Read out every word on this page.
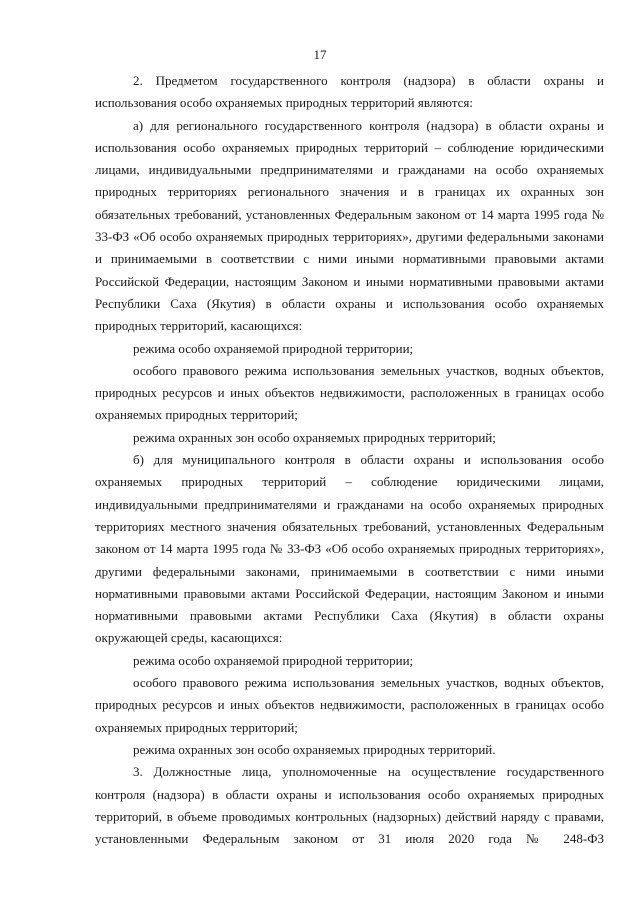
17

2. Предметом государственного контроля (надзора) в области охраны и использования особо охраняемых природных территорий являются:

а) для регионального государственного контроля (надзора) в области охраны и использования особо охраняемых природных территорий – соблюдение юридическими лицами, индивидуальными предпринимателями и гражданами на особо охраняемых природных территориях регионального значения и в границах их охранных зон обязательных требований, установленных Федеральным законом от 14 марта 1995 года № 33-ФЗ «Об особо охраняемых природных территориях», другими федеральными законами и принимаемыми в соответствии с ними иными нормативными правовыми актами Российской Федерации, настоящим Законом и иными нормативными правовыми актами Республики Саха (Якутия) в области охраны и использования особо охраняемых природных территорий, касающихся:

режима особо охраняемой природной территории;

особого правового режима использования земельных участков, водных объектов, природных ресурсов и иных объектов недвижимости, расположенных в границах особо охраняемых природных территорий;

режима охранных зон особо охраняемых природных территорий;

б) для муниципального контроля в области охраны и использования особо охраняемых природных территорий – соблюдение юридическими лицами, индивидуальными предпринимателями и гражданами на особо охраняемых природных территориях местного значения обязательных требований, установленных Федеральным законом от 14 марта 1995 года № 33-ФЗ «Об особо охраняемых природных территориях», другими федеральными законами, принимаемыми в соответствии с ними иными нормативными правовыми актами Российской Федерации, настоящим Законом и иными нормативными правовыми актами Республики Саха (Якутия) в области охраны окружающей среды, касающихся:

режима особо охраняемой природной территории;

особого правового режима использования земельных участков, водных объектов, природных ресурсов и иных объектов недвижимости, расположенных в границах особо охраняемых природных территорий;

режима охранных зон особо охраняемых природных территорий.

3. Должностные лица, уполномоченные на осуществление государственного контроля (надзора) в области охраны и использования особо охраняемых природных территорий, в объеме проводимых контрольных (надзорных) действий наряду с правами, установленными Федеральным законом от 31 июля 2020 года № 248-ФЗ
